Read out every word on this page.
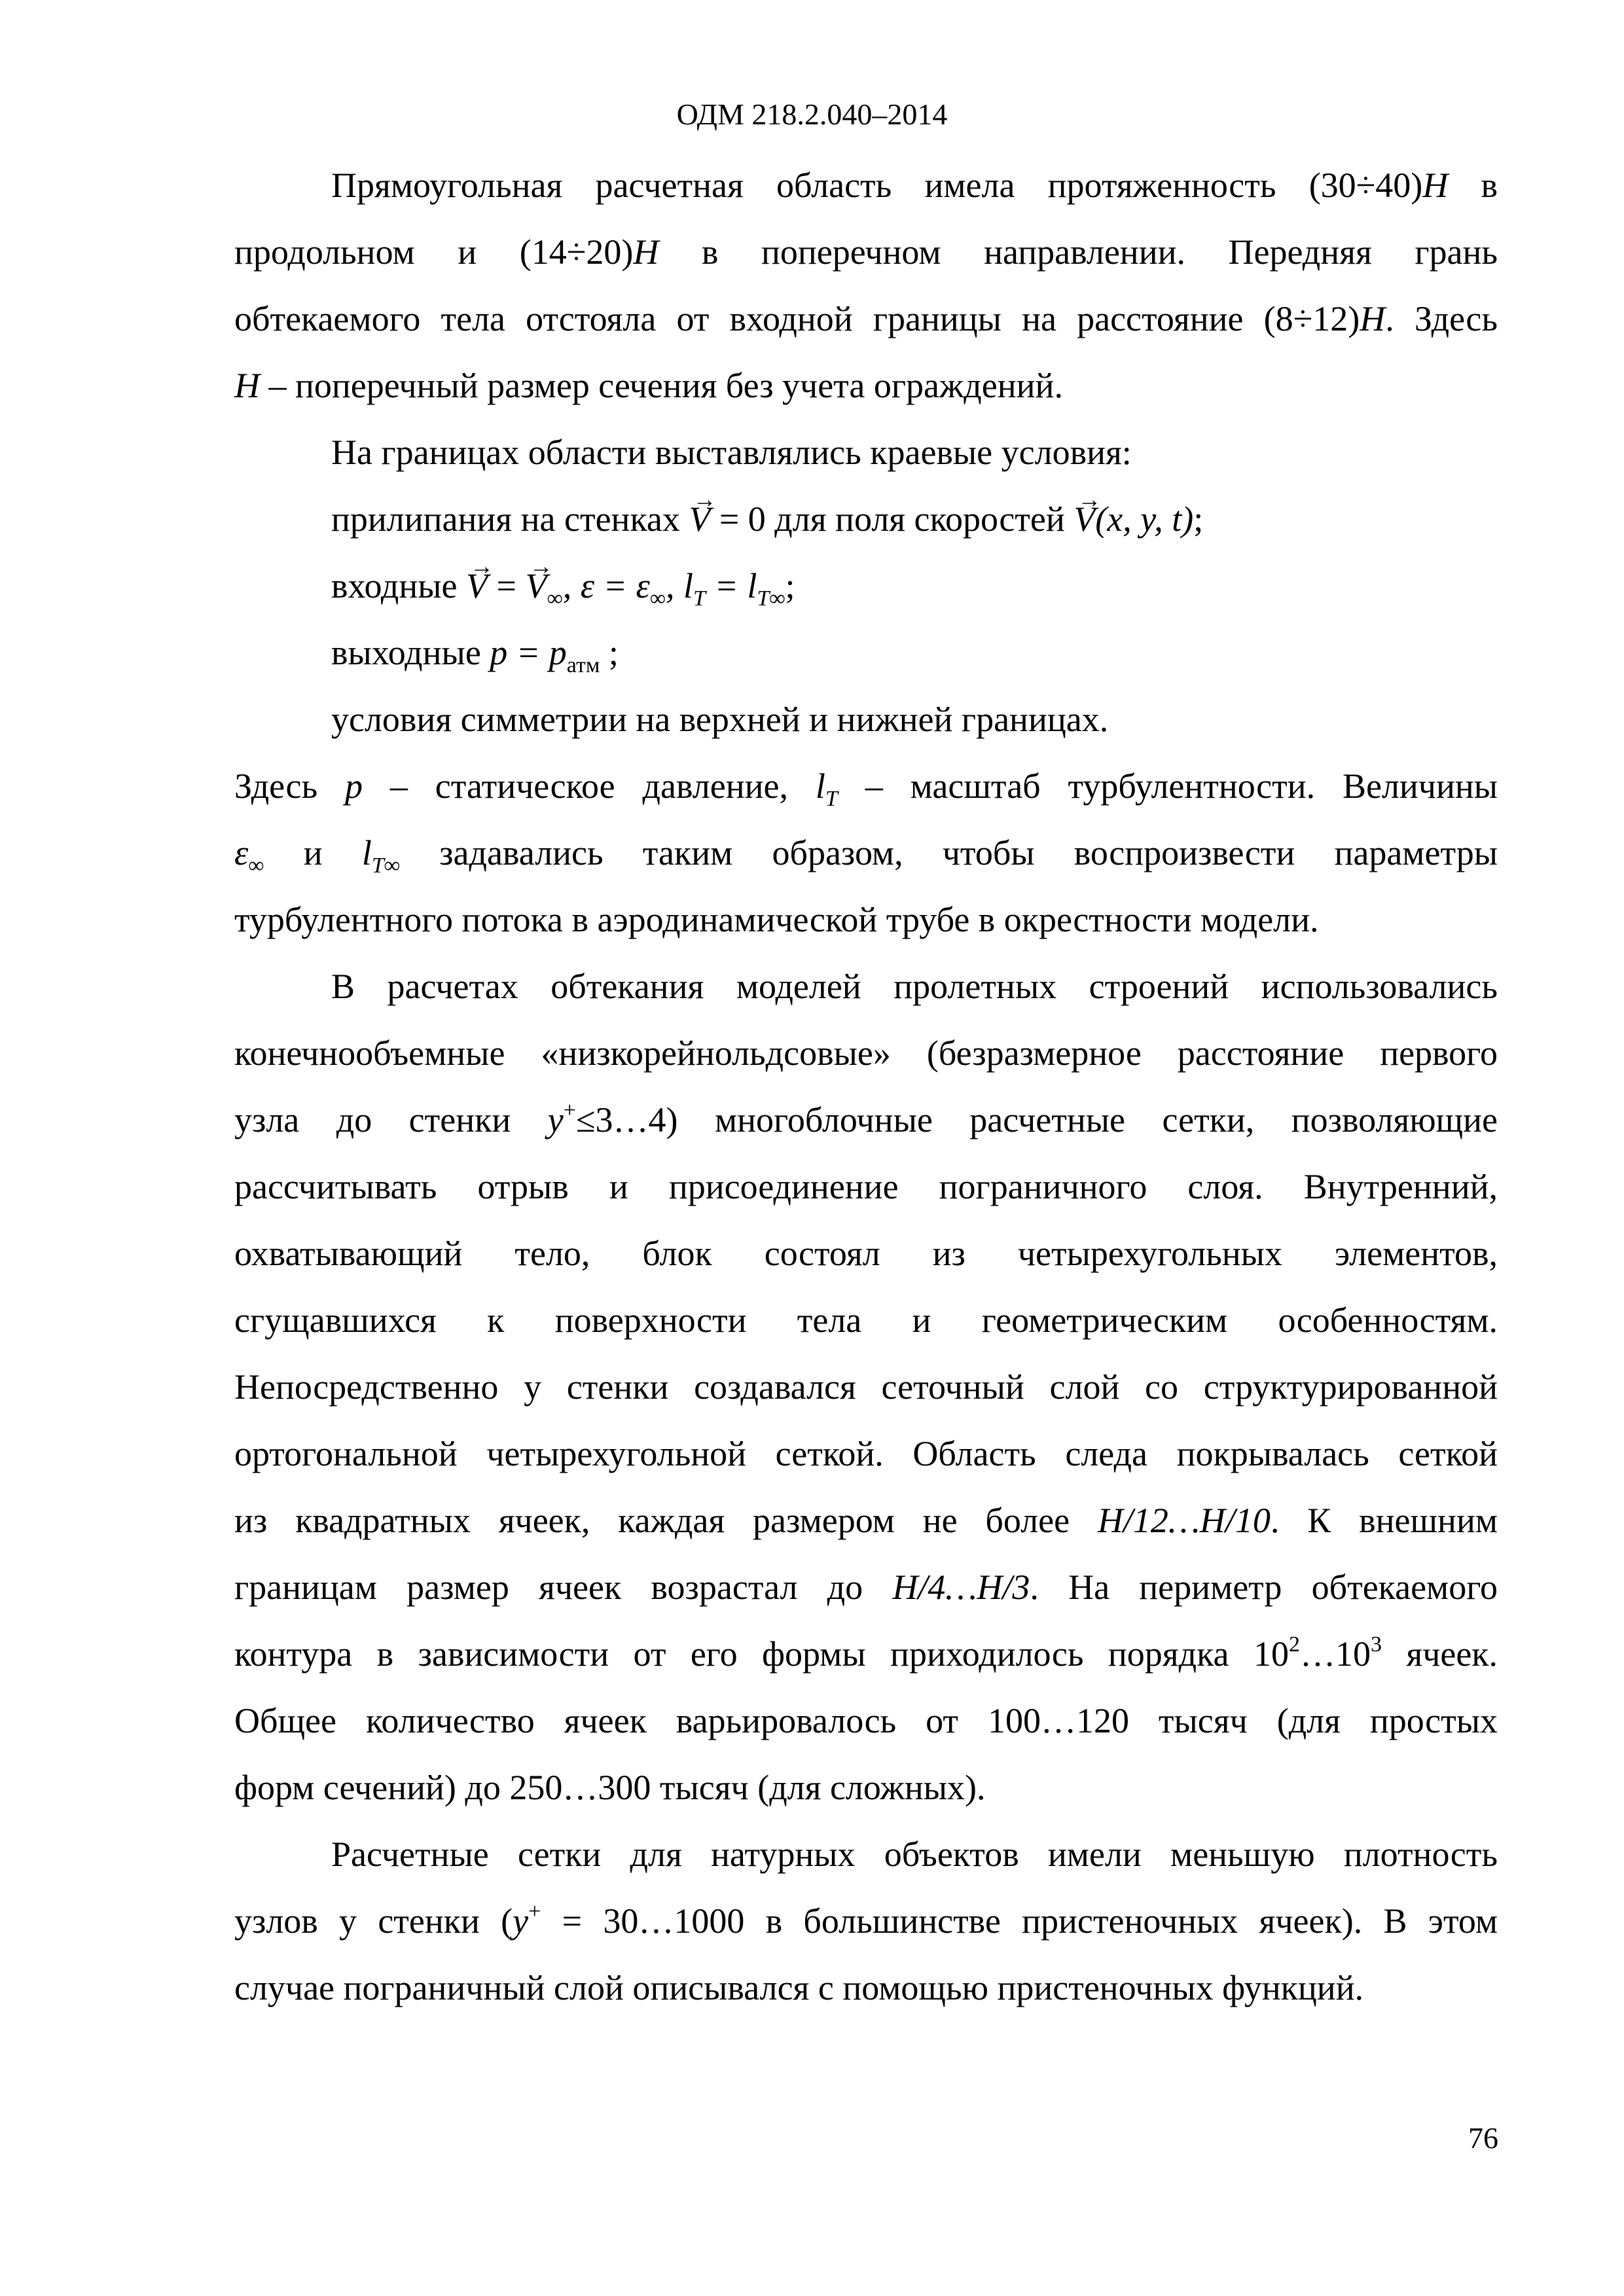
ОДМ 218.2.040–2014
Прямоугольная расчетная область имела протяженность (30÷40)H в
продольном и (14÷20)H в поперечном направлении. Передняя грань
обтекаемого тела отстояла от входной границы на расстояние (8÷12)H. Здесь
H – поперечный размер сечения без учета ограждений.
На границах области выставлялись краевые условия:
прилипания на стенках → V = 0 для поля скоростей → V(x, y, t);
входные → V = → $V_\infty$, $\varepsilon = \varepsilon_\infty$, $l_T = l_{T\infty}$;
выходные $p = p_{атм}$ ;
условия симметрии на верхней и нижней границах.
Здесь p – статическое давление, $l_T$ – масштаб турбулентности. Величины
$\varepsilon_\infty$ и $l_{T\infty}$ задавались таким образом, чтобы воспроизвести параметры
турбулентного потока в аэродинамической трубе в окрестности модели.
В расчетах обтекания моделей пролетных строений использовались
конечнообъемные «низкорейнольдсовые» (безразмерное расстояние первого
узла до стенки y+≤3…4) многоблочные расчетные сетки, позволяющие
рассчитывать отрыв и присоединение пограничного слоя. Внутренний,
охватывающий тело, блок состоял из четырехугольных элементов,
сгущавшихся к поверхности тела и геометрическим особенностям.
Непосредственно у стенки создавался сеточный слой со структурированной
ортогональной четырехугольной сеткой. Область следа покрывалась сеткой
из квадратных ячеек, каждая размером не более H/12…H/10. К внешним
границам размер ячеек возрастал до H/4…H/3. На периметр обтекаемого
контура в зависимости от его формы приходилось порядка $10^2\dots 10^3$ ячеек.
Общее количество ячеек варьировалось от 100…120 тысяч (для простых
форм сечений) до 250…300 тысяч (для сложных).
Расчетные сетки для натурных объектов имели меньшую плотность
узлов у стенки (y+ = 30…1000 в большинстве пристеночных ячеек). В этом
случае пограничный слой описывался с помощью пристеночных функций.
76
